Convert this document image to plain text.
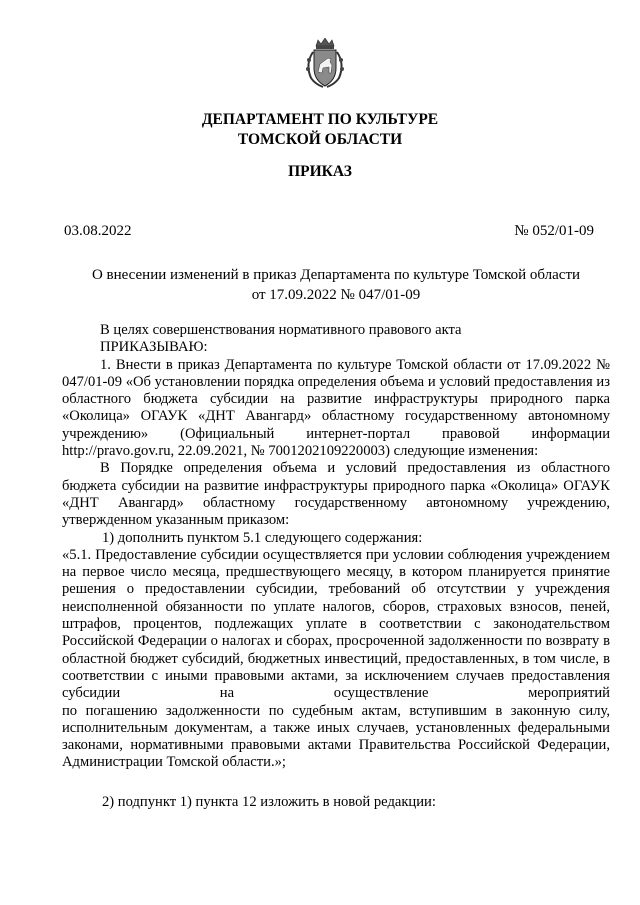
ДЕПАРТАМЕНТ ПО КУЛЬТУРЕ
ТОМСКОЙ ОБЛАСТИ
ПРИКАЗ
03.08.2022	№ 052/01-09
О внесении изменений в приказ Департамента по культуре Томской области
от 17.09.2022 № 047/01-09

В целях совершенствования нормативного правового акта

ПРИКАЗЫВАЮ:

1. Внести в приказ Департамента по культуре Томской области от 17.09.2022 № 047/01-09 «Об установлении порядка определения объема и условий предоставления из областного бюджета субсидии на развитие инфраструктуры природного парка «Околица» ОГАУК «ДНТ Авангард» областному государственному автономному учреждению» (Официальный интернет-портал правовой информации http://pravo.gov.ru, 22.09.2021, № 7001202109220003) следующие изменения:

В Порядке определения объема и условий предоставления из областного бюджета субсидии на развитие инфраструктуры природного парка «Околица» ОГАУК «ДНТ Авангард» областному государственному автономному учреждению, утвержденном указанным приказом:

1) дополнить пунктом 5.1 следующего содержания:

«5.1. Предоставление субсидии осуществляется при условии соблюдения учреждением на первое число месяца, предшествующего месяцу, в котором планируется принятие решения о предоставлении субсидии, требований об отсутствии у учреждения неисполненной обязанности по уплате налогов, сборов, страховых взносов, пеней, штрафов, процентов, подлежащих уплате в соответствии с законодательством Российской Федерации о налогах и сборах, просроченной задолженности по возврату в областной бюджет субсидий, бюджетных инвестиций, предоставленных, в том числе, в соответствии с иными правовыми актами, за исключением случаев предоставления субсидии на осуществление мероприятий

по погашению задолженности по судебным актам, вступившим в законную силу, исполнительным документам, а также иных случаев, установленных федеральными законами, нормативными правовыми актами Правительства Российской Федерации, Администрации Томской области.»;

2) подпункт 1) пункта 12 изложить в новой редакции:
